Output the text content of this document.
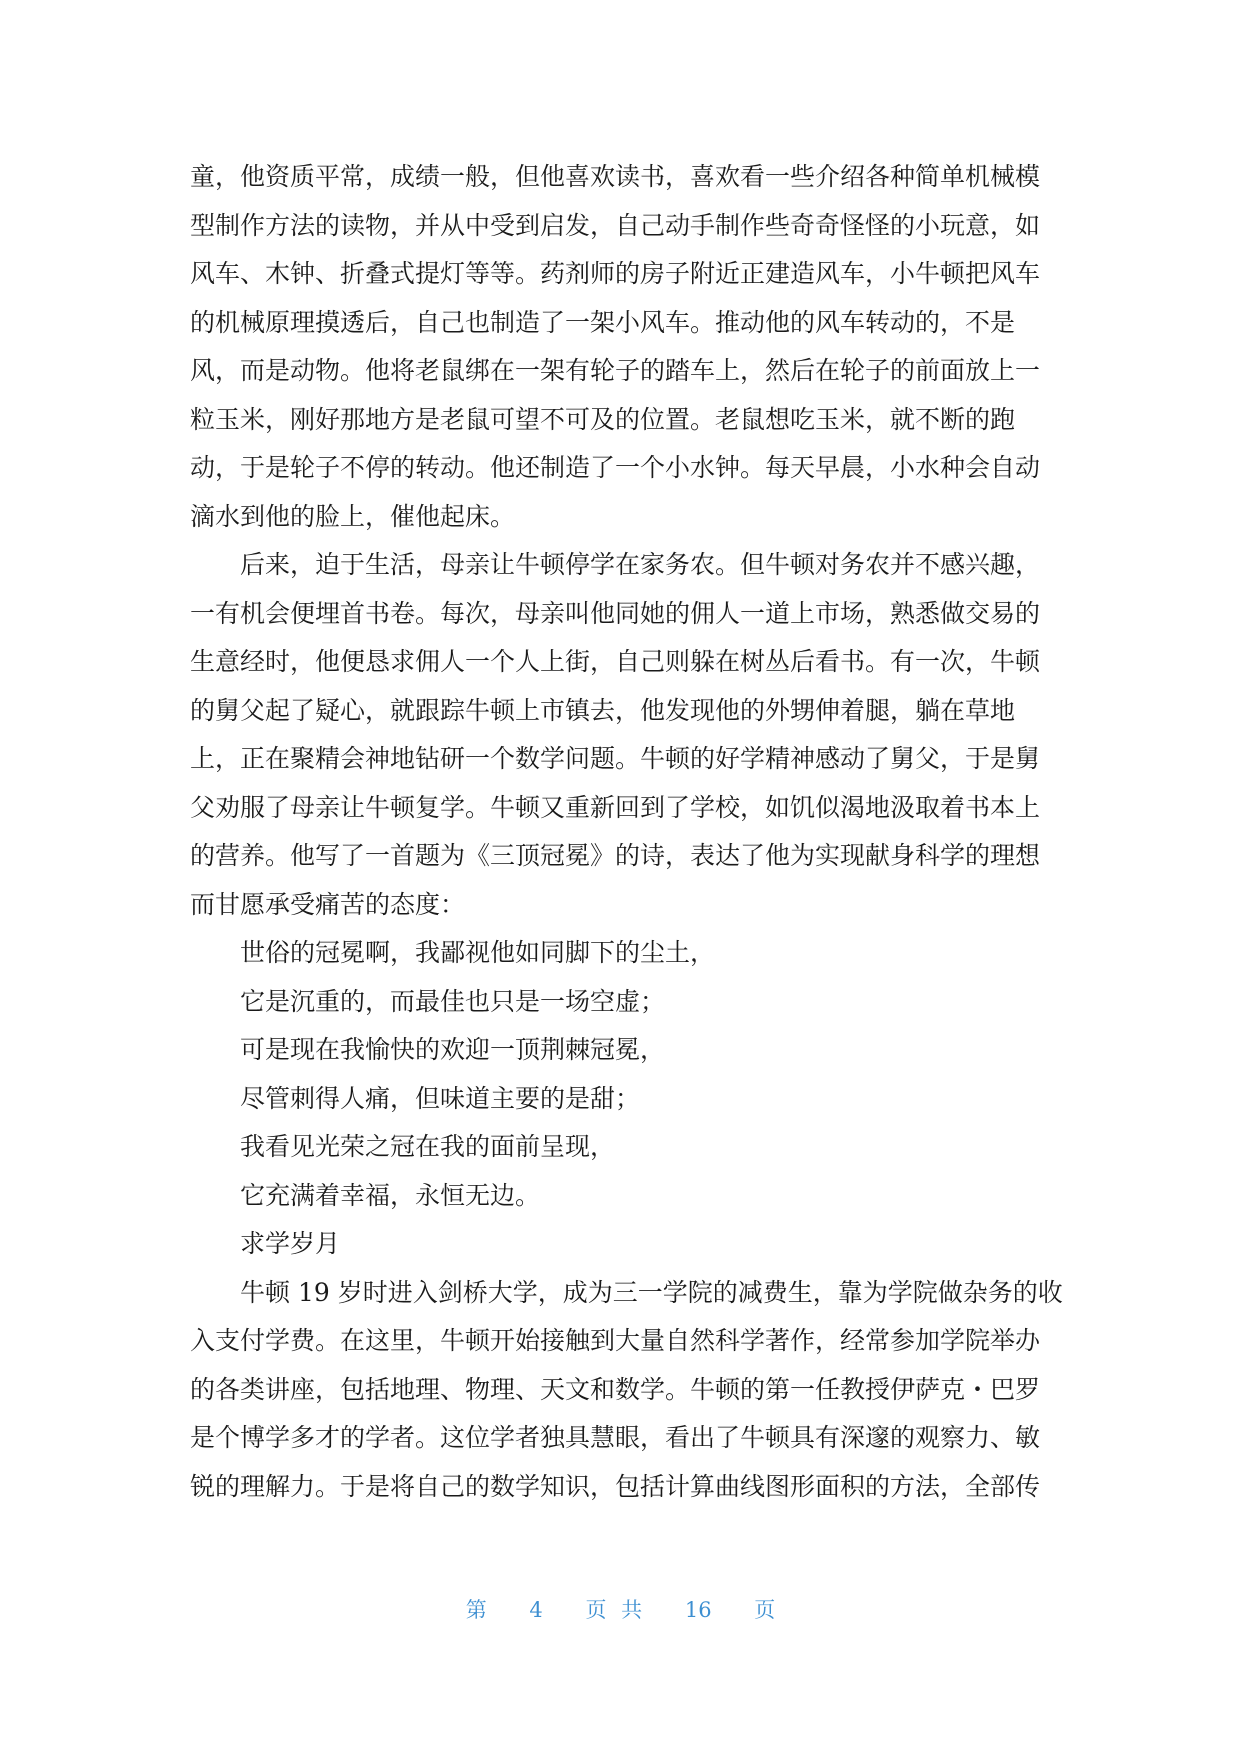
童，他资质平常，成绩一般，但他喜欢读书，喜欢看一些介绍各种简单机械模
型制作方法的读物，并从中受到启发，自己动手制作些奇奇怪怪的小玩意，如
风车、木钟、折叠式提灯等等。药剂师的房子附近正建造风车，小牛顿把风车
的机械原理摸透后，自己也制造了一架小风车。推动他的风车转动的，不是
风，而是动物。他将老鼠绑在一架有轮子的踏车上，然后在轮子的前面放上一
粒玉米，刚好那地方是老鼠可望不可及的位置。老鼠想吃玉米，就不断的跑
动，于是轮子不停的转动。他还制造了一个小水钟。每天早晨，小水种会自动
滴水到他的脸上，催他起床。
后来，迫于生活，母亲让牛顿停学在家务农。但牛顿对务农并不感兴趣，
一有机会便埋首书卷。每次，母亲叫他同她的佣人一道上市场，熟悉做交易的
生意经时，他便恳求佣人一个人上街，自己则躲在树丛后看书。有一次，牛顿
的舅父起了疑心，就跟踪牛顿上市镇去，他发现他的外甥伸着腿，躺在草地
上，正在聚精会神地钻研一个数学问题。牛顿的好学精神感动了舅父，于是舅
父劝服了母亲让牛顿复学。牛顿又重新回到了学校，如饥似渴地汲取着书本上
的营养。他写了一首题为《三顶冠冕》的诗，表达了他为实现献身科学的理想
而甘愿承受痛苦的态度：
世俗的冠冕啊，我鄙视他如同脚下的尘土，
它是沉重的，而最佳也只是一场空虚；
可是现在我愉快的欢迎一顶荆棘冠冕，
尽管刺得人痛，但味道主要的是甜；
我看见光荣之冠在我的面前呈现，
它充满着幸福，永恒无边。
求学岁月
牛顿 19 岁时进入剑桥大学，成为三一学院的减费生，靠为学院做杂务的收
入支付学费。在这里，牛顿开始接触到大量自然科学著作，经常参加学院举办
的各类讲座，包括地理、物理、天文和数学。牛顿的第一任教授伊萨克・巴罗
是个博学多才的学者。这位学者独具慧眼，看出了牛顿具有深邃的观察力、敏
锐的理解力。于是将自己的数学知识，包括计算曲线图形面积的方法，全部传
第 4 页 共 16 页
